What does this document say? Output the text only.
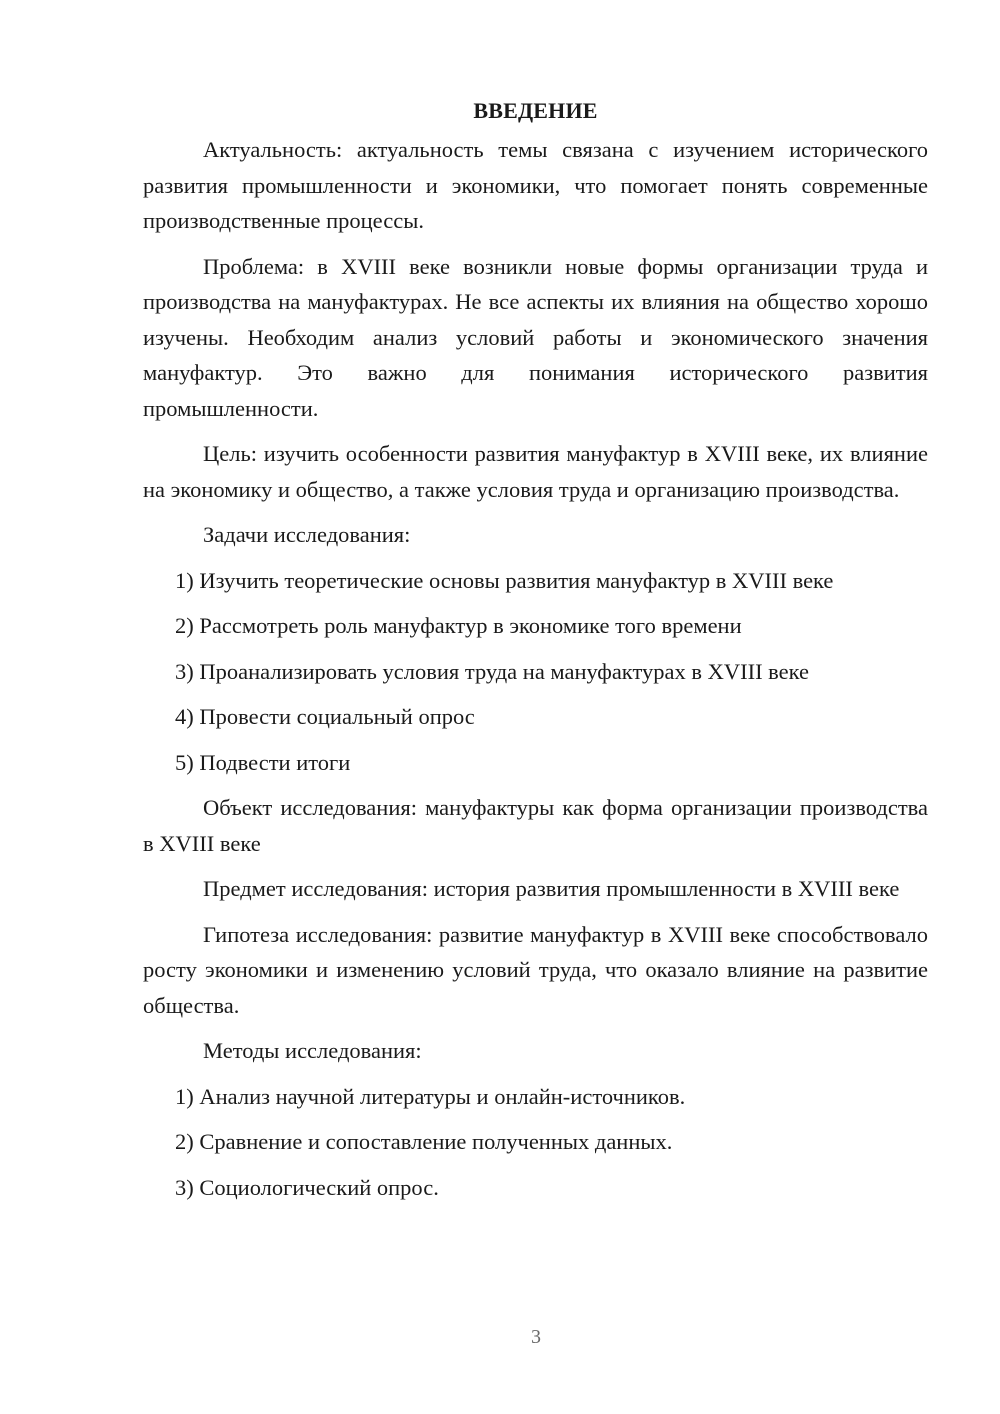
ВВЕДЕНИЕ

Актуальность: актуальность темы связана с изучением исторического развития промышленности и экономики, что помогает понять современные производственные процессы.

Проблема: в XVIII веке возникли новые формы организации труда и производства на мануфактурах. Не все аспекты их влияния на общество хорошо изучены. Необходим анализ условий работы и экономического значения мануфактур. Это важно для понимания исторического развития промышленности.

Цель: изучить особенности развития мануфактур в XVIII веке, их влияние на экономику и общество, а также условия труда и организацию производства.

Задачи исследования:
1) Изучить теоретические основы развития мануфактур в XVIII веке
2) Рассмотреть роль мануфактур в экономике того времени
3) Проанализировать условия труда на мануфактурах в XVIII веке
4) Провести социальный опрос
5) Подвести итоги

Объект исследования: мануфактуры как форма организации производства в XVIII веке

Предмет исследования: история развития промышленности в XVIII веке

Гипотеза исследования: развитие мануфактур в XVIII веке способствовало росту экономики и изменению условий труда, что оказало влияние на развитие общества.

Методы исследования:
1) Анализ научной литературы и онлайн-источников.
2) Сравнение и сопоставление полученных данных.
3) Социологический опрос.
3
